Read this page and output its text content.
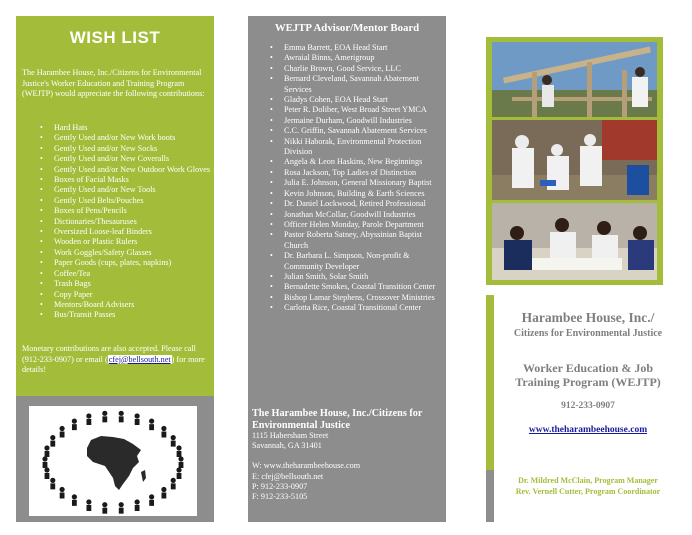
WISH LIST
The Harambee House, Inc./Citizens for Environmental Justice's Worker Education and Training Program (WEJTP) would appreciate the following contributions:
• Hard Hats
• Gently Used and/or New Work boots
• Gently Used and/or New Socks
• Gently Used and/or New Coveralls
• Gently Used and/or New Outdoor Work Gloves
• Boxes of Facial Masks
• Gently Used and/or New Tools
• Gently Used Belts/Pouches
• Boxes of Pens/Pencils
• Dictionaries/Thesauruses
• Oversized Loose-leaf Binders
• Wooden or Plastic Rulers
• Work Goggles/Safety Glasses
• Paper Goods (cups, plates, napkins)
• Coffee/Tea
• Trash Bags
• Copy Paper
• Mentors/Board Advisers
• Bus/Transit Passes
Monetary contributions are also accepted. Please call (912-233-0907) or email (cfej@bellsouth.net) for more details!
WEJTP Advisor/Mentor Board
• Emma Barrett, EOA Head Start
• Awraial Binns, Amerigroup
• Charlie Brown, Good Service, LLC
• Bernard Cleveland, Savannah Abatement Services
• Gladys Cohen, EOA Head Start
• Peter R. Doliber, West Broad Street YMCA
• Jermaine Durham, Goodwill Industries
• C.C. Griffin, Savannah Abatement Services
• Nikki Haborak, Environmental Protection Division
• Angela & Leon Haskins, New Beginnings
• Rosa Jackson, Top Ladies of Distinction
• Julia E. Johnson, General Missionary Baptist
• Kevin Johnson, Building & Earth Sciences
• Dr. Daniel Lockwood, Retired Professional
• Jonathan McCollar, Goodwill Industries
• Officer Helen Monday, Parole Department
• Pastor Roberta Satney, Abyssinian Baptist Church
• Dr. Barbara L. Simpson, Non-profit & Community Developer
• Julian Smith, Solar Smith
• Bernadette Smokes, Coastal Transition Center
• Bishop Lamar Stephens, Crossover Ministries
• Carlotta Rice, Coastal Transitional Center
The Harambee House, Inc./Citizens for Environmental Justice
1115 Habersham Street
Savannah, GA 31401
W: www.theharambeehouse.com
E: cfej@bellsouth.net
P: 912-233-0907
F: 912-233-5105
Harambee House, Inc./
Citizens for Environmental Justice
Worker Education & Job
Training Program (WEJTP)
912-233-0907
www.theharambeehouse.com
Dr. Mildred McClain, Program Manager
Rev. Vernell Cutter, Program Coordinator
